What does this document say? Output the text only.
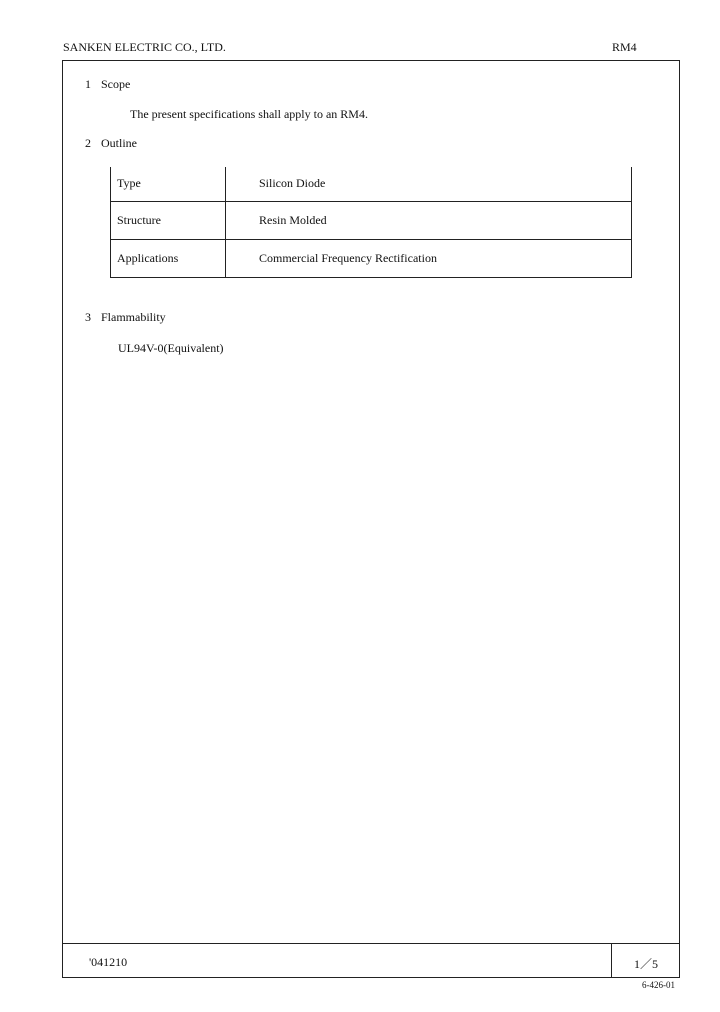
SANKEN ELECTRIC CO., LTD.	RM4
1 Scope
The present specifications shall apply to an RM4.
2 Outline
Type	Silicon Diode
Structure	Resin Molded
Applications	Commercial Frequency Rectification
3 Flammability
UL94V-0(Equivalent)
'041210	1／5
6-426-01
